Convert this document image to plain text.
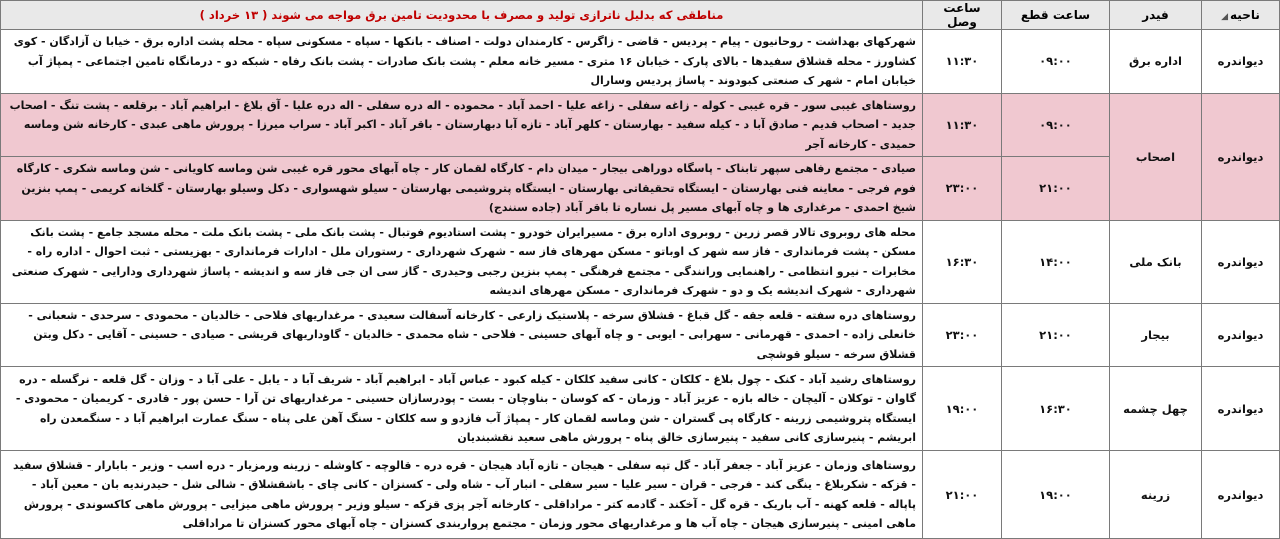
ناحیه◢	فیدر	ساعت قطع	ساعت وصل	مناطقی که بدلیل ناترازی تولید و مصرف با محدودیت تامین برق مواجه می شوند ( ۱۳ خرداد )
دیواندره	اداره برق	۰۹:۰۰	۱۱:۳۰	شهرکهای بهداشت - روحانیون - پیام - پردیس - قاضی - زاگرس - کارمندان دولت - اصناف - بانکها - سپاه - مسکونی سپاه - محله پشت اداره برق - خیابا ن آزادگان - کوی کشاورز - محله قشلاق سفیدها - بالای پارک - خیابان ۱۶ متری - مسیر خانه معلم - پشت بانک صادرات - پشت بانک رفاه - شبکه دو - درمانگاه تامین اجتماعی - پمپاژ آب خیابان امام - شهر ک صنعتی کبودوند - پاساژ پردیس وسارال
دیواندره	اصحاب	۰۹:۰۰	۱۱:۳۰	روستاهای غیبی سور - قره غیبی - کوله - زاغه سفلی - زاغه علیا - احمد آباد - محموده - اله دره سفلی - اله دره علیا - آق بلاغ - ابراهیم آباد - برقلعه - پشت تنگ - اصحاب جدید - اصحاب قدیم - صادق آبا د - کیله سفید - بهارستان - کلهر آباد - تازه آبا دبهارستان - باقر آباد - اکبر آباد - سراب میرزا - پرورش ماهی عبدی - کارخانه شن وماسه حمیدی - کارخانه آجر
		۲۱:۰۰	۲۳:۰۰	صیادی - مجتمع رفاهی سپهر تابناک - پاسگاه دوراهی بیجار - میدان دام - کارگاه لقمان کار - چاه آبهای محور قره غیبی شن وماسه کاویانی - شن وماسه شکری - کارگاه فوم فرجی - معاینه فنی بهارستان - ایستگاه تحقیقاتی بهارستان - ایستگاه پتروشیمی بهارستان - سیلو شهسواری - دکل وسیلو بهارستان - گلخانه کریمی - پمپ بنزین شیخ احمدی - مرغداری ها و چاه آبهای مسیر پل نساره تا باقر آباد (جاده سنندج)
دیواندره	بانک ملی	۱۴:۰۰	۱۶:۳۰	محله های روبروی تالار قصر زرین - روبروی اداره برق - مسیرایران خودرو - پشت استادیوم فوتبال - پشت بانک ملی - پشت بانک ملت - محله مسجد جامع - پشت بانک مسکن - پشت فرمانداری - فاز سه شهر ک اوباتو - مسکن مهرهای فاز سه - شهرک شهرداری - رستوران ملل - ادارات فرمانداری - بهزیستی - ثبت احوال - اداره راه - مخابرات - نیرو انتظامی - راهنمایی ورانندگی - مجتمع فرهنگی - پمپ بنزین رجبی وحیدری - گاز سی ان جی فاز سه و اندیشه - پاساژ شهرداری ودارایی - شهرک صنعتی شهرداری - شهرک اندیشه یک و دو - شهرک فرمانداری - مسکن مهرهای اندیشه
دیواندره	بیجار	۲۱:۰۰	۲۳:۰۰	روستاهای دره سفته - قلعه جقه - گل قباغ - قشلاق سرخه - پلاستیک زارعی - کارخانه آسفالت سعیدی - مرغداریهای فلاحی - خالدیان - محمودی - سرحدی - شعبانی - خانعلی زاده - احمدی - قهرمانی - سهرابی - ایوبی - و چاه آبهای حسینی - فلاحی - شاه محمدی - خالدیان - گاوداریهای قریشی - صیادی - حسینی - آقایی - دکل وبتن قشلاق سرخه - سیلو قوشچی
دیواندره	چهل چشمه	۱۶:۳۰	۱۹:۰۰	روستاهای رشید آباد - کنک - چول بلاغ - کلکان - کانی سفید کلکان - کیله کبود - عباس آباد - ابراهیم آباد - شریف آبا د - یابل - علی آبا د - وزان - گل قلعه - نرگسله - دره گاوان - توکلان - آلیچان - خاله بازه - عزیز آباد - وزمان - که کوسان - بناوچان - بست - پودرسازان حسینی - مرغداریهای تن آرا - حسن پور - قادری - کریمیان - محمودی - ایستگاه پتروشیمی زرینه - کارگاه پی گستران - شن وماسه لقمان کار - پمپاژ آب فازدو و سه کلکان - سنگ آهن علی پناه - سنگ عمارت ابراهیم آبا د - سنگمعدن راه ابریشم - پنیرسازی کانی سفید - پنیرسازی خالق پناه - پرورش ماهی سعید نقشبندیان
دیواندره	زرینه	۱۹:۰۰	۲۱:۰۰	روستاهای وزمان - عزیز آباد - جعفر آباد - گل تپه سفلی - هیجان - تازه آباد هیجان - قره دره - قالوچه - کاوشله - زرینه ورمزیار - دره اسب - وزیر - بابارار - قشلاق سفید - قزکه - شکربلاغ - ینگی کند - فرجی - قران - سیر علیا - سیر سفلی - انبار آب - شاه ولی - کسنزان - کانی چای - باشقشلاق - شالی شل - حیدرندیه بان - معین آباد - پاپاله - قلعه کهنه - آب باریک - قره گل - آخکند - گادمه کتر - مراداقلی - کارخانه آجر پزی قزکه - سیلو وزیر - پرورش ماهی میزایی - پرورش ماهی کاکسوندی - پرورش ماهی امینی - پنیرسازی هیجان - چاه آب ها و مرغداریهای محور وزمان - مجتمع پرواربندی کسنزان - چاه آبهای محور کسنزان تا مراداقلی
